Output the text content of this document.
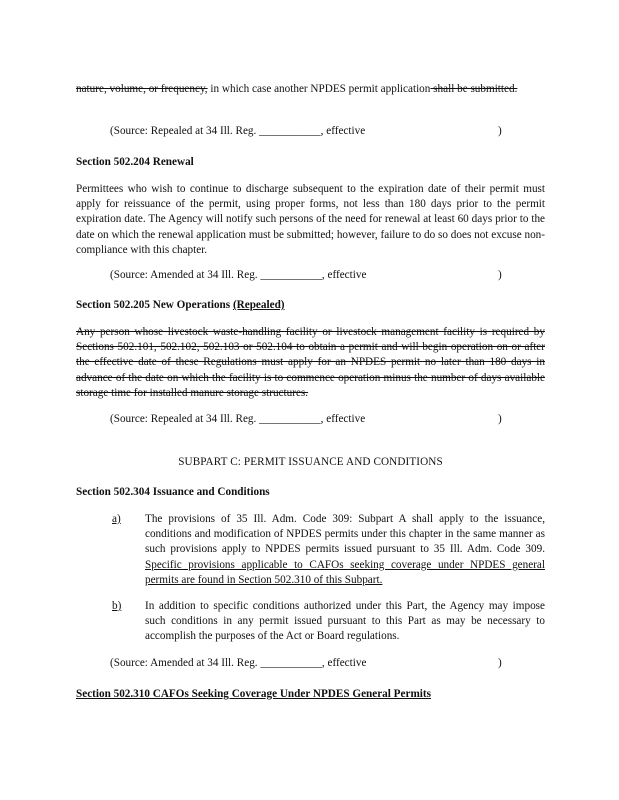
nature, volume, or frequency, in which case another NPDES permit application shall be submitted.
(Source: Repealed at 34 Ill. Reg. ___________, effective	)
Section 502.204 Renewal
Permittees who wish to continue to discharge subsequent to the expiration date of their permit must apply for reissuance of the permit, using proper forms, not less than 180 days prior to the permit expiration date. The Agency will notify such persons of the need for renewal at least 60 days prior to the date on which the renewal application must be submitted; however, failure to do so does not excuse non-compliance with this chapter.
(Source: Amended at 34 Ill. Reg. ___________, effective	)
Section 502.205 New Operations (Repealed)
Any person whose livestock waste-handling facility or livestock management facility is required by Sections 502.101, 502.102, 502.103 or 502.104 to obtain a permit and will begin operation on or after the effective date of these Regulations must apply for an NPDES permit no later than 180 days in advance of the date on which the facility is to commence operation minus the number of days available storage time for installed manure storage structures.
(Source: Repealed at 34 Ill. Reg. ___________, effective	)
SUBPART C: PERMIT ISSUANCE AND CONDITIONS
Section 502.304 Issuance and Conditions
a) The provisions of 35 Ill. Adm. Code 309: Subpart A shall apply to the issuance, conditions and modification of NPDES permits under this chapter in the same manner as such provisions apply to NPDES permits issued pursuant to 35 Ill. Adm. Code 309. Specific provisions applicable to CAFOs seeking coverage under NPDES general permits are found in Section 502.310 of this Subpart.
b) In addition to specific conditions authorized under this Part, the Agency may impose such conditions in any permit issued pursuant to this Part as may be necessary to accomplish the purposes of the Act or Board regulations.
(Source: Amended at 34 Ill. Reg. ___________, effective	)
Section 502.310 CAFOs Seeking Coverage Under NPDES General Permits
